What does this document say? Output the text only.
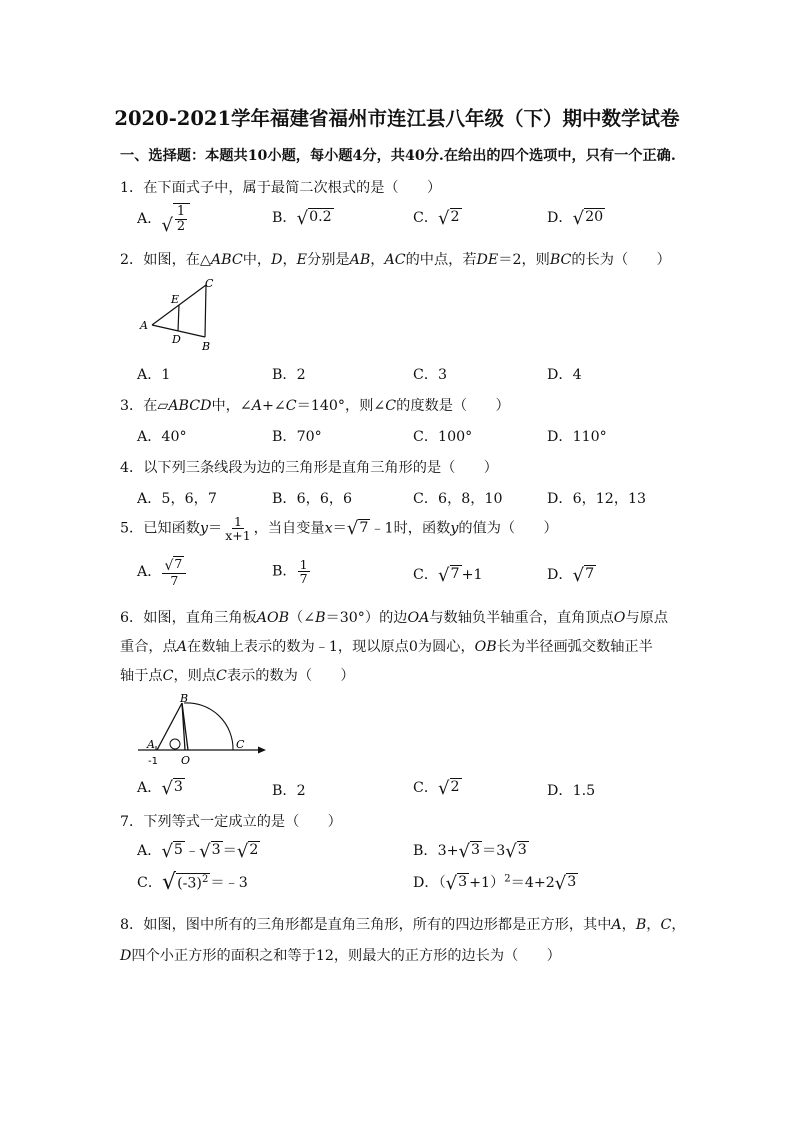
2020-2021学年福建省福州市连江县八年级（下）期中数学试卷
一、选择题：本题共10小题，每小题4分，共40分.在给出的四个选项中，只有一个正确.
1．在下面式子中，属于最简二次根式的是（　　）
A． √ $\frac{1}{2}$	B． √ 0.2	C． √ 2	D． √ 20
2．如图，在△ABC中，D，E分别是AB，AC的中点，若DE＝2，则BC的长为（　　）
A
B
C
D
E
A．1	B．2	C．3	D．4
3．在▱ABCD中，∠A+∠C＝140°，则∠C的度数是（　　）
A．40°	B．70°	C．100°	D．110°
4．以下列三条线段为边的三角形是直角三角形的是（　　）
A．5，6，7	B．6，6，6	C．6，8，10	D．6，12，13
5．已知函数$y= \frac{1}{x+1}$ ，当自变量x＝ √ 7 ﹣1时，函数y的值为（　　）
A． $\frac{√ 7}{7}$	B． $\frac{1}{7}$	C． √ 7 +1	D． √ 7
6．如图，直角三角板AOB（∠B＝30°）的边OA与数轴负半轴重合，直角顶点O与原点
重合，点A在数轴上表示的数为﹣1，现以原点0为圆心，OB长为半径画弧交数轴正半
轴于点C，则点C表示的数为（　　）
A
B
O
C
-1
A． √ 3	B．2	C． √ 2	D．1.5
7．下列等式一定成立的是（　　）
A． √ 5 ﹣ √ 3 ＝ √ 2	B．3+ √ 3 ＝3 √ 3
C． √ $(-3)^2$ ＝﹣3	D．（ √ 3 +1）$^2$＝4+2 √ 3
8．如图，图中所有的三角形都是直角三角形，所有的四边形都是正方形，其中A，B，C，
D四个小正方形的面积之和等于12，则最大的正方形的边长为（　　）
